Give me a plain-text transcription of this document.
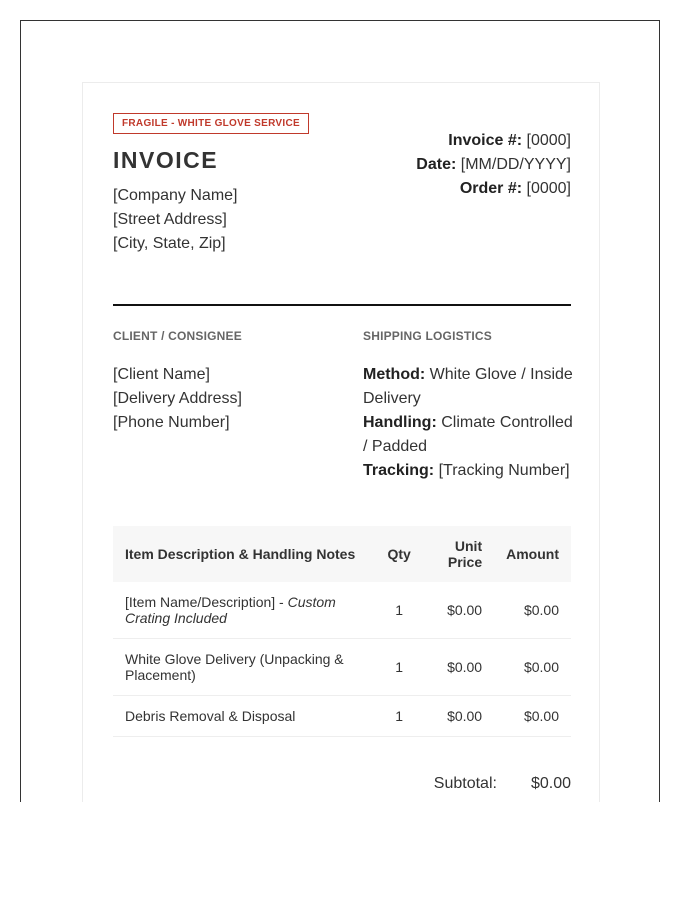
FRAGILE - WHITE GLOVE SERVICE
INVOICE
[Company Name]
[Street Address]
[City, State, Zip]
Invoice #: [0000]
Date: [MM/DD/YYYY]
Order #: [0000]
CLIENT / CONSIGNEE
[Client Name]
[Delivery Address]
[Phone Number]
SHIPPING LOGISTICS
Method: White Glove / Inside Delivery
Handling: Climate Controlled / Padded
Tracking: [Tracking Number]
Item Description & Handling Notes	Qty	Unit Price	Amount
[Item Name/Description] - Custom Crating Included	1	$0.00	$0.00
White Glove Delivery (Unpacking & Placement)	1	$0.00	$0.00
Debris Removal & Disposal	1	$0.00	$0.00
Subtotal: $0.00
